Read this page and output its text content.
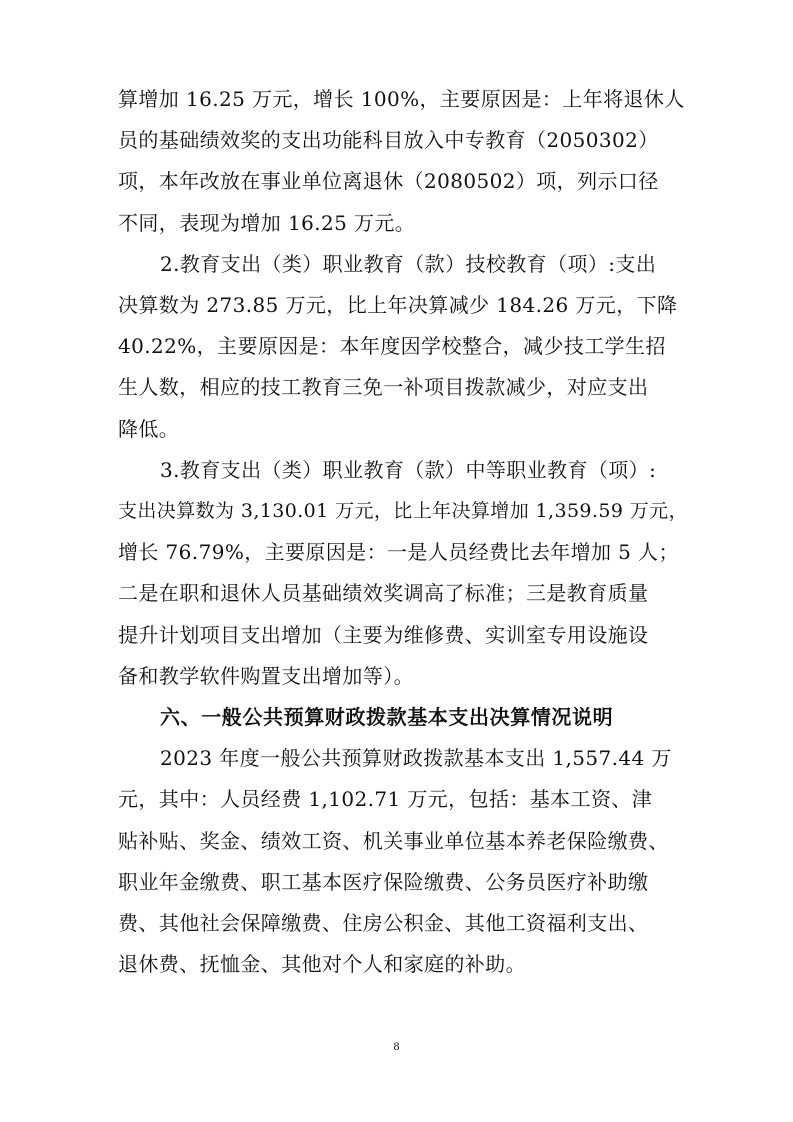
算增加 16.25 万元，增长 100%，主要原因是：上年将退休人
员的基础绩效奖的支出功能科目放入中专教育（2050302）
项，本年改放在事业单位离退休（2080502）项，列示口径
不同，表现为增加 16.25 万元。
2.教育支出（类）职业教育（款）技校教育（项）:支出
决算数为 273.85 万元，比上年决算减少 184.26 万元，下降
40.22%，主要原因是：本年度因学校整合，减少技工学生招
生人数，相应的技工教育三免一补项目拨款减少，对应支出
降低。
3.教育支出（类）职业教育（款）中等职业教育（项）:
支出决算数为 3,130.01 万元，比上年决算增加 1,359.59 万元，
增长 76.79%，主要原因是：一是人员经费比去年增加 5 人；
二是在职和退休人员基础绩效奖调高了标准；三是教育质量
提升计划项目支出增加（主要为维修费、实训室专用设施设
备和教学软件购置支出增加等）。
六、一般公共预算财政拨款基本支出决算情况说明
2023 年度一般公共预算财政拨款基本支出 1,557.44 万
元，其中：人员经费 1,102.71 万元，包括：基本工资、津
贴补贴、奖金、绩效工资、机关事业单位基本养老保险缴费、
职业年金缴费、职工基本医疗保险缴费、公务员医疗补助缴
费、其他社会保障缴费、住房公积金、其他工资福利支出、
退休费、抚恤金、其他对个人和家庭的补助。
8
